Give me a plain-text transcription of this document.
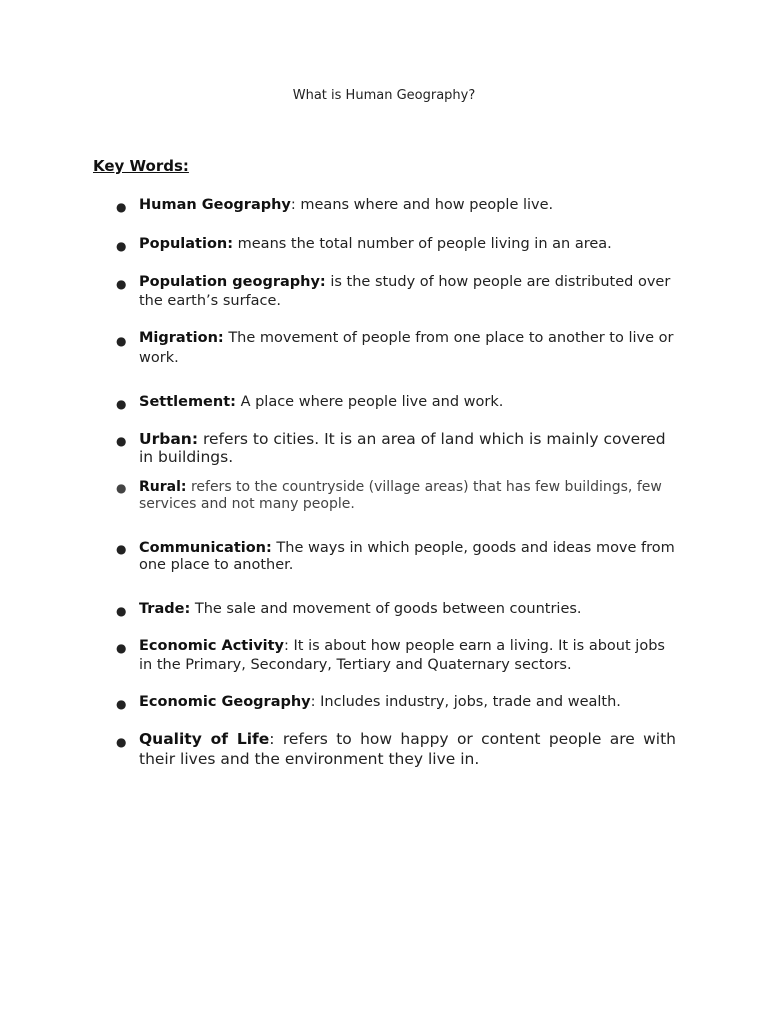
What is Human Geography?
Key Words:
● Human Geography: means where and how people live.
● Population: means the total number of people living in an area.
● Population geography: is the study of how people are distributed over the earth’s surface.
● Migration: The movement of people from one place to another to live or work.
● Settlement: A place where people live and work.
● Urban: refers to cities. It is an area of land which is mainly covered in buildings.
● Rural: refers to the countryside (village areas) that has few buildings, few services and not many people.
● Communication: The ways in which people, goods and ideas move from one place to another.
● Trade: The sale and movement of goods between countries.
● Economic Activity: It is about how people earn a living. It is about jobs in the Primary, Secondary, Tertiary and Quaternary sectors.
● Economic Geography: Includes industry, jobs, trade and wealth.
● Quality of Life: refers to how happy or content people are with their lives and the environment they live in.
